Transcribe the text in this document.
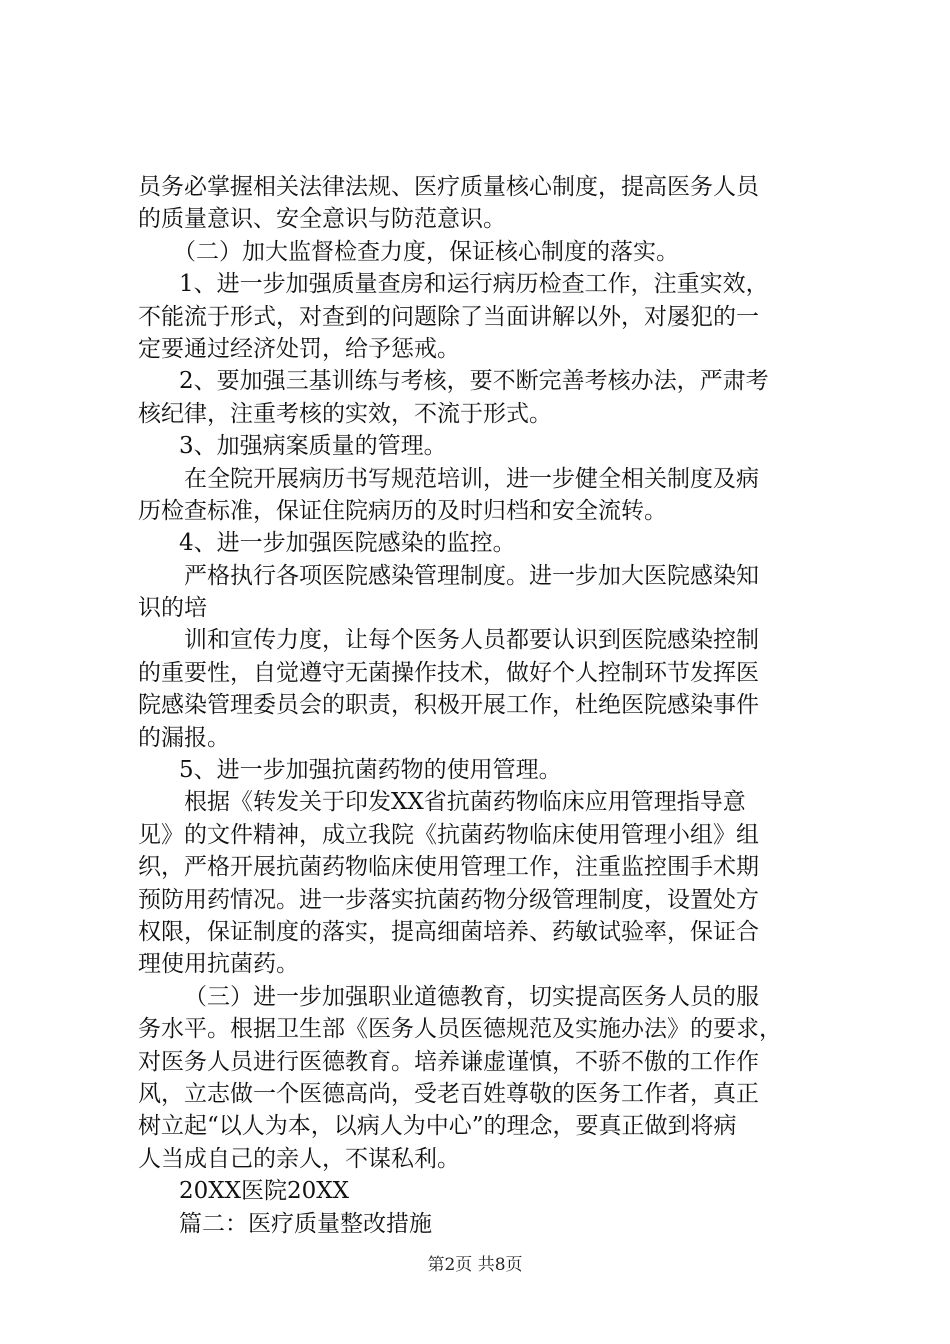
员务必掌握相关法律法规、医疗质量核心制度，提高医务人员
的质量意识、安全意识与防范意识。
（二）加大监督检查力度，保证核心制度的落实。
1、进一步加强质量查房和运行病历检查工作，注重实效，
不能流于形式，对查到的问题除了当面讲解以外，对屡犯的一
定要通过经济处罚，给予惩戒。
2、要加强三基训练与考核，要不断完善考核办法，严肃考
核纪律，注重考核的实效，不流于形式。
3、加强病案质量的管理。
在全院开展病历书写规范培训，进一步健全相关制度及病
历检查标准，保证住院病历的及时归档和安全流转。
4、进一步加强医院感染的监控。
严格执行各项医院感染管理制度。进一步加大医院感染知
识的培
训和宣传力度，让每个医务人员都要认识到医院感染控制
的重要性，自觉遵守无菌操作技术，做好个人控制环节发挥医
院感染管理委员会的职责，积极开展工作，杜绝医院感染事件
的漏报。
5、进一步加强抗菌药物的使用管理。
根据《转发关于印发XX省抗菌药物临床应用管理指导意
见》的文件精神，成立我院《抗菌药物临床使用管理小组》组
织，严格开展抗菌药物临床使用管理工作，注重监控围手术期
预防用药情况。进一步落实抗菌药物分级管理制度，设置处方
权限，保证制度的落实，提高细菌培养、药敏试验率，保证合
理使用抗菌药。
（三）进一步加强职业道德教育，切实提高医务人员的服
务水平。根据卫生部《医务人员医德规范及实施办法》的要求，
对医务人员进行医德教育。培养谦虚谨慎，不骄不傲的工作作
风，立志做一个医德高尚，受老百姓尊敬的医务工作者，真正
树立起“以人为本，以病人为中心”的理念，要真正做到将病
人当成自己的亲人，不谋私利。
20XX医院20XX
篇二：医疗质量整改措施
第2页 共8页
